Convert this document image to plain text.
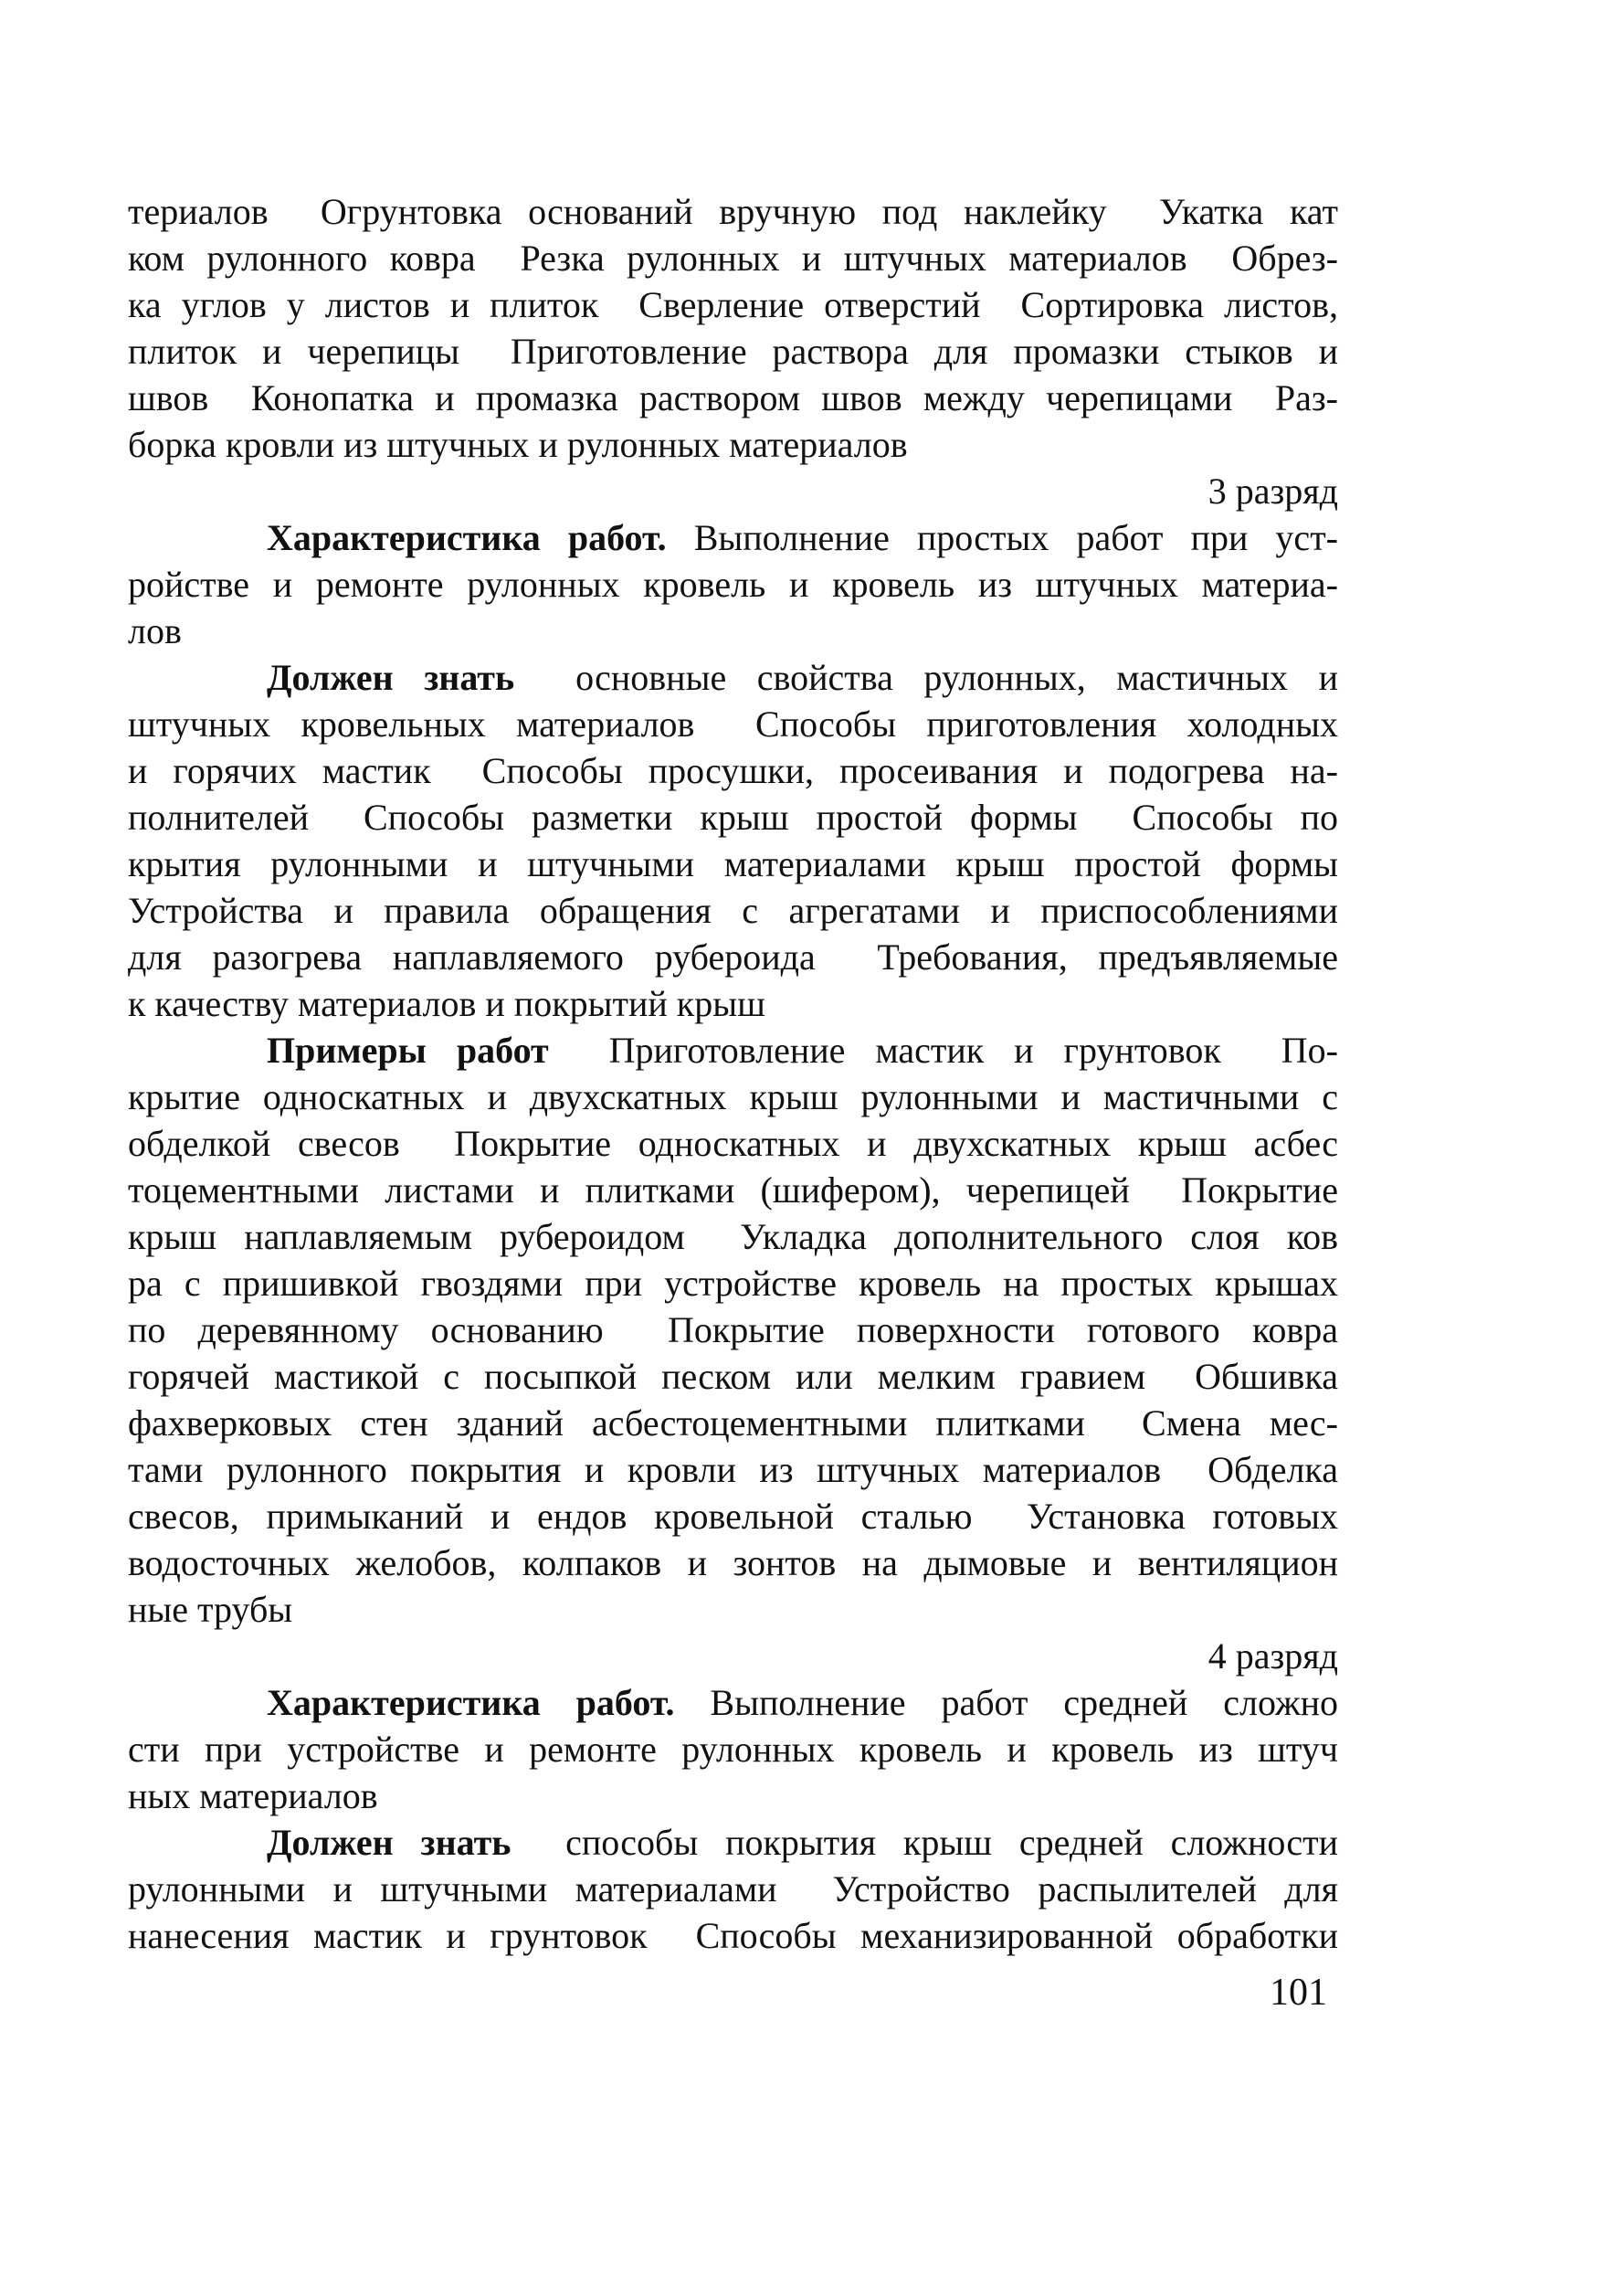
териалов  Огрунтовка оснований вручную под наклейку  Укатка кат
ком рулонного ковра  Резка рулонных и штучных материалов  Обрез-
ка углов у листов и плиток  Сверление отверстий  Сортировка листов,
плиток и черепицы  Приготовление раствора для промазки стыков и
швов  Конопатка и промазка раствором швов между черепицами  Раз-
борка кровли из штучных и рулонных материалов
3 разряд
Характеристика работ. Выполнение простых работ при уст-
ройстве и ремонте рулонных кровель и кровель из штучных материа-
лов
Должен знать  основные свойства рулонных, мастичных и
штучных кровельных материалов  Способы приготовления холодных
и горячих мастик  Способы просушки, просеивания и подогрева на-
полнителей  Способы разметки крыш простой формы  Способы по
крытия рулонными и штучными материалами крыш простой формы
Устройства и правила обращения с агрегатами и приспособлениями
для разогрева наплавляемого рубероида  Требования, предъявляемые
к качеству материалов и покрытий крыш
Примеры работ  Приготовление мастик и грунтовок  По-
крытие односкатных и двухскатных крыш рулонными и мастичными с
обделкой свесов  Покрытие односкатных и двухскатных крыш асбес
тоцементными листами и плитками (шифером), черепицей  Покрытие
крыш наплавляемым рубероидом  Укладка дополнительного слоя ков
ра с пришивкой гвоздями при устройстве кровель на простых крышах
по деревянному основанию  Покрытие поверхности готового ковра
горячей мастикой с посыпкой песком или мелким гравием  Обшивка
фахверковых стен зданий асбестоцементными плитками  Смена мес-
тами рулонного покрытия и кровли из штучных материалов  Обделка
свесов, примыканий и ендов кровельной сталью  Установка готовых
водосточных желобов, колпаков и зонтов на дымовые и вентиляцион
ные трубы
4 разряд
Характеристика работ. Выполнение работ средней сложно
сти при устройстве и ремонте рулонных кровель и кровель из штуч
ных материалов
Должен знать  способы покрытия крыш средней сложности
рулонными и штучными материалами  Устройство распылителей для
нанесения мастик и грунтовок  Способы механизированной обработки
101
